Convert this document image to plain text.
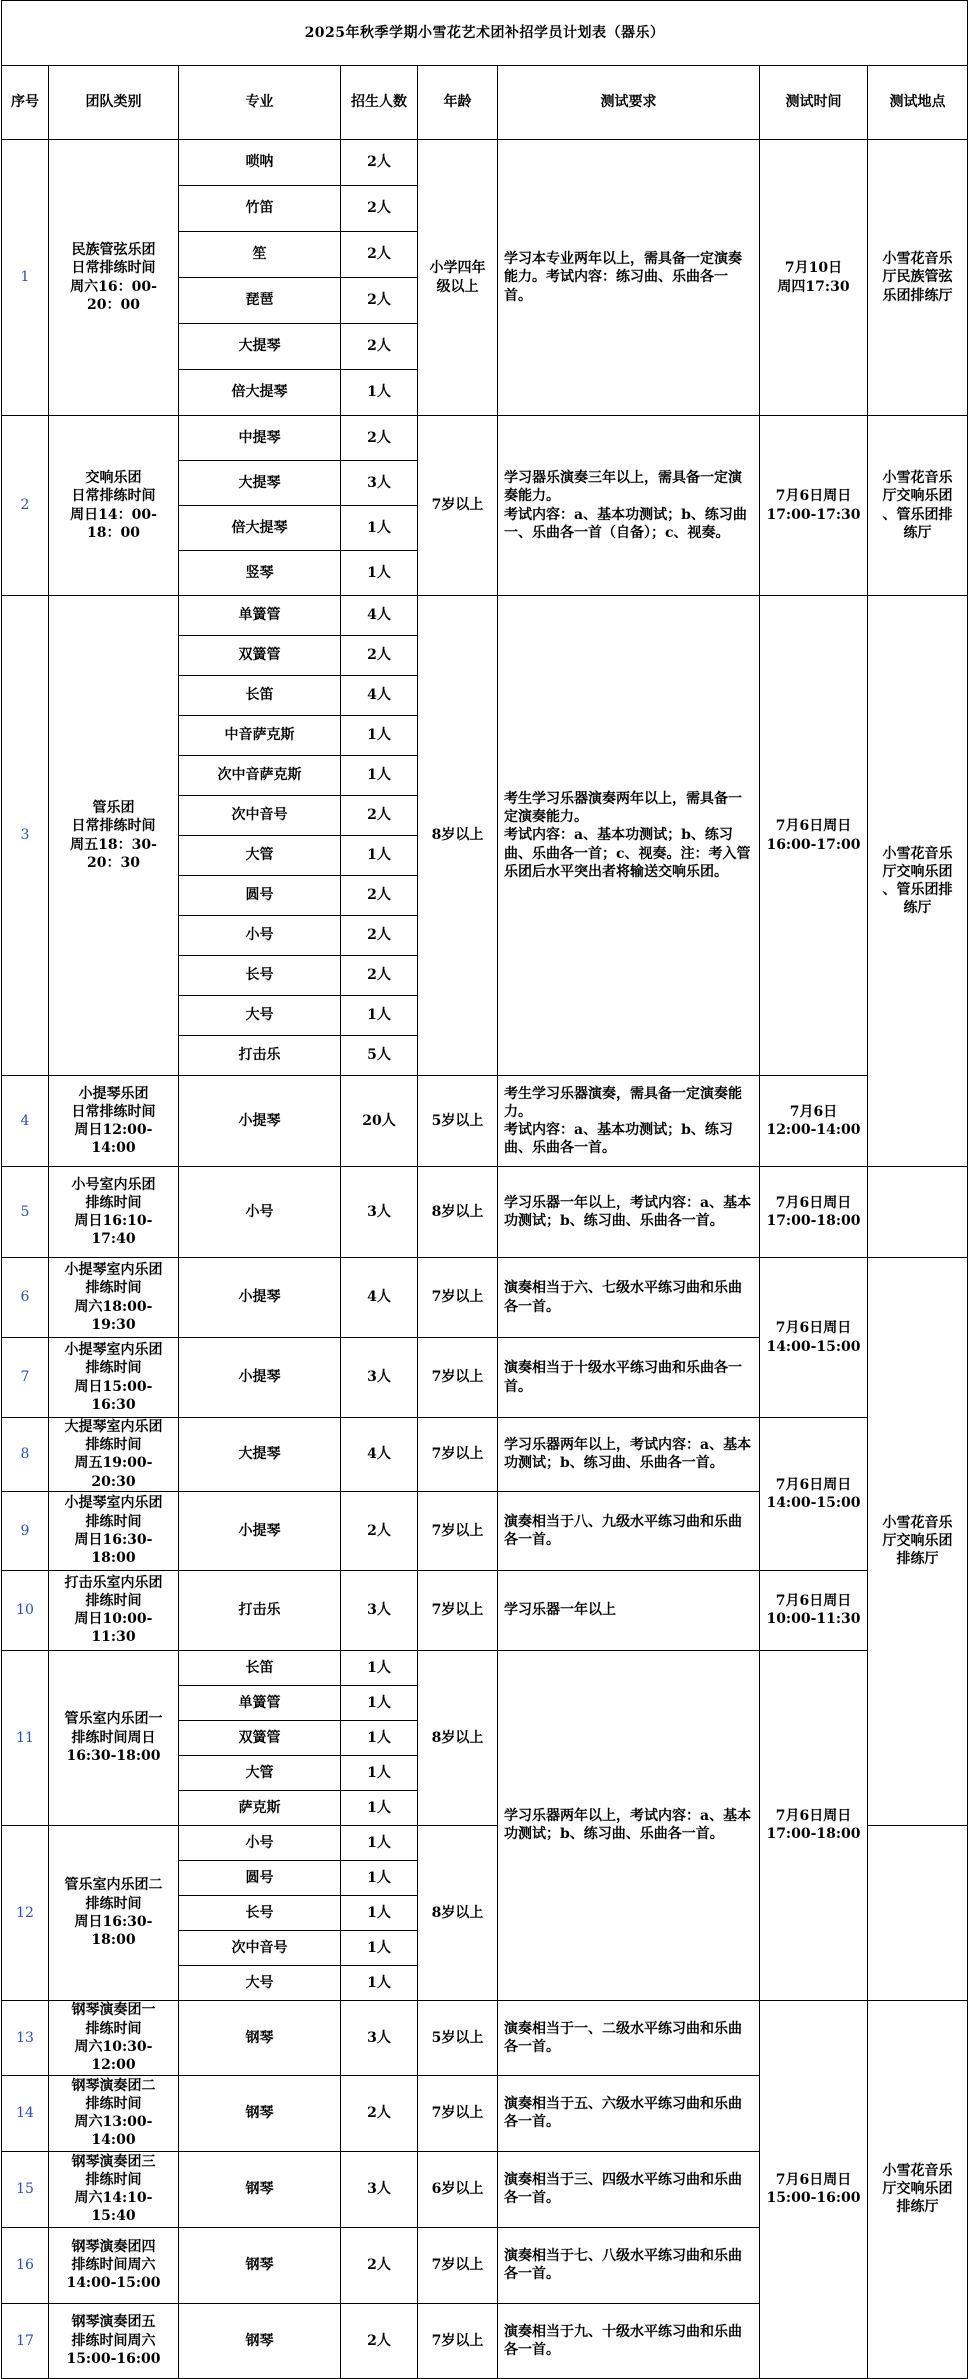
2025年秋季学期小雪花艺术团补招学员计划表（器乐）							
序号	团队类别	专业	招生人数	年龄	测试要求	测试时间	测试地点
1	民族管弦乐团
日常排练时间
周六16：00-
20：00	唢呐	2人	小学四年
级以上	学习本专业两年以上，需具备一定演奏能力。考试内容：练习曲、乐曲各一首。	7月10日
周四17:30	小雪花音乐
厅民族管弦
乐团排练厅
		竹笛	2人				
		笙	2人				
		琵琶	2人				
		大提琴	2人				
		倍大提琴	1人				
2	交响乐团
日常排练时间
周日14：00-
18：00	中提琴	2人	7岁以上	学习器乐演奏三年以上，需具备一定演奏能力。
考试内容：a、基本功测试；b、练习曲一、乐曲各一首（自备）；c、视奏。	7月6日周日
17:00-17:30	小雪花音乐
厅交响乐团
、管乐团排
练厅
		大提琴	3人				
		倍大提琴	1人				
		竖琴	1人				
3	管乐团
日常排练时间
周五18：30-
20：30	单簧管	4人	8岁以上	考生学习乐器演奏两年以上，需具备一定演奏能力。
考试内容：a、基本功测试；b、练习曲、乐曲各一首；c、视奏。注：考入管乐团后水平突出者将输送交响乐团。	7月6日周日
16:00-17:00	小雪花音乐
厅交响乐团
、管乐团排
练厅
		双簧管	2人				
		长笛	4人				
		中音萨克斯	1人				
		次中音萨克斯	1人				
		次中音号	2人				
		大管	1人				
		圆号	2人				
		小号	2人				
		长号	2人				
		大号	1人				
		打击乐	5人				
4	小提琴乐团
日常排练时间
周日12:00-
14:00	小提琴	20人	5岁以上	考生学习乐器演奏，需具备一定演奏能力。
考试内容：a、基本功测试；b、练习曲、乐曲各一首。	7月6日
12:00-14:00	
5	小号室内乐团
排练时间
周日16:10-
17:40	小号	3人	8岁以上	学习乐器一年以上，考试内容：a、基本功测试；b、练习曲、乐曲各一首。	7月6日周日
17:00-18:00	
6	小提琴室内乐团
排练时间
周六18:00-
19:30	小提琴	4人	7岁以上	演奏相当于六、七级水平练习曲和乐曲各一首。	7月6日周日
14:00-15:00	小雪花音乐
厅交响乐团
排练厅
7	小提琴室内乐团
排练时间
周日15:00-
16:30	小提琴	3人	7岁以上	演奏相当于十级水平练习曲和乐曲各一首。		
8	大提琴室内乐团
排练时间
周五19:00-
20:30	大提琴	4人	7岁以上	学习乐器两年以上，考试内容：a、基本功测试；b、练习曲、乐曲各一首。	7月6日周日
14:00-15:00	
9	小提琴室内乐团
排练时间
周日16:30-
18:00	小提琴	2人	7岁以上	演奏相当于八、九级水平练习曲和乐曲各一首。		
10	打击乐室内乐团
排练时间
周日10:00-
11:30	打击乐	3人	7岁以上	学习乐器一年以上	7月6日周日
10:00-11:30	
11	管乐室内乐团一
排练时间周日
16:30-18:00	长笛	1人	8岁以上	学习乐器两年以上，考试内容：a、基本功测试；b、练习曲、乐曲各一首。	7月6日周日
17:00-18:00	
		单簧管	1人				
		双簧管	1人				
		大管	1人				
		萨克斯	1人				
12	管乐室内乐团二
排练时间
周日16:30-
18:00	小号	1人	8岁以上			
		圆号	1人				
		长号	1人				
		次中音号	1人				
		大号	1人				
13	钢琴演奏团一
排练时间
周六10:30-
12:00	钢琴	3人	5岁以上	演奏相当于一、二级水平练习曲和乐曲各一首。	7月6日周日
15:00-16:00	小雪花音乐
厅交响乐团
排练厅
14	钢琴演奏团二
排练时间
周六13:00-
14:00	钢琴	2人	7岁以上	演奏相当于五、六级水平练习曲和乐曲各一首。		
15	钢琴演奏团三
排练时间
周六14:10-
15:40	钢琴	3人	6岁以上	演奏相当于三、四级水平练习曲和乐曲各一首。		
16	钢琴演奏团四
排练时间周六
14:00-15:00	钢琴	2人	7岁以上	演奏相当于七、八级水平练习曲和乐曲各一首。		
17	钢琴演奏团五
排练时间周六
15:00-16:00	钢琴	2人	7岁以上	演奏相当于九、十级水平练习曲和乐曲各一首。		
